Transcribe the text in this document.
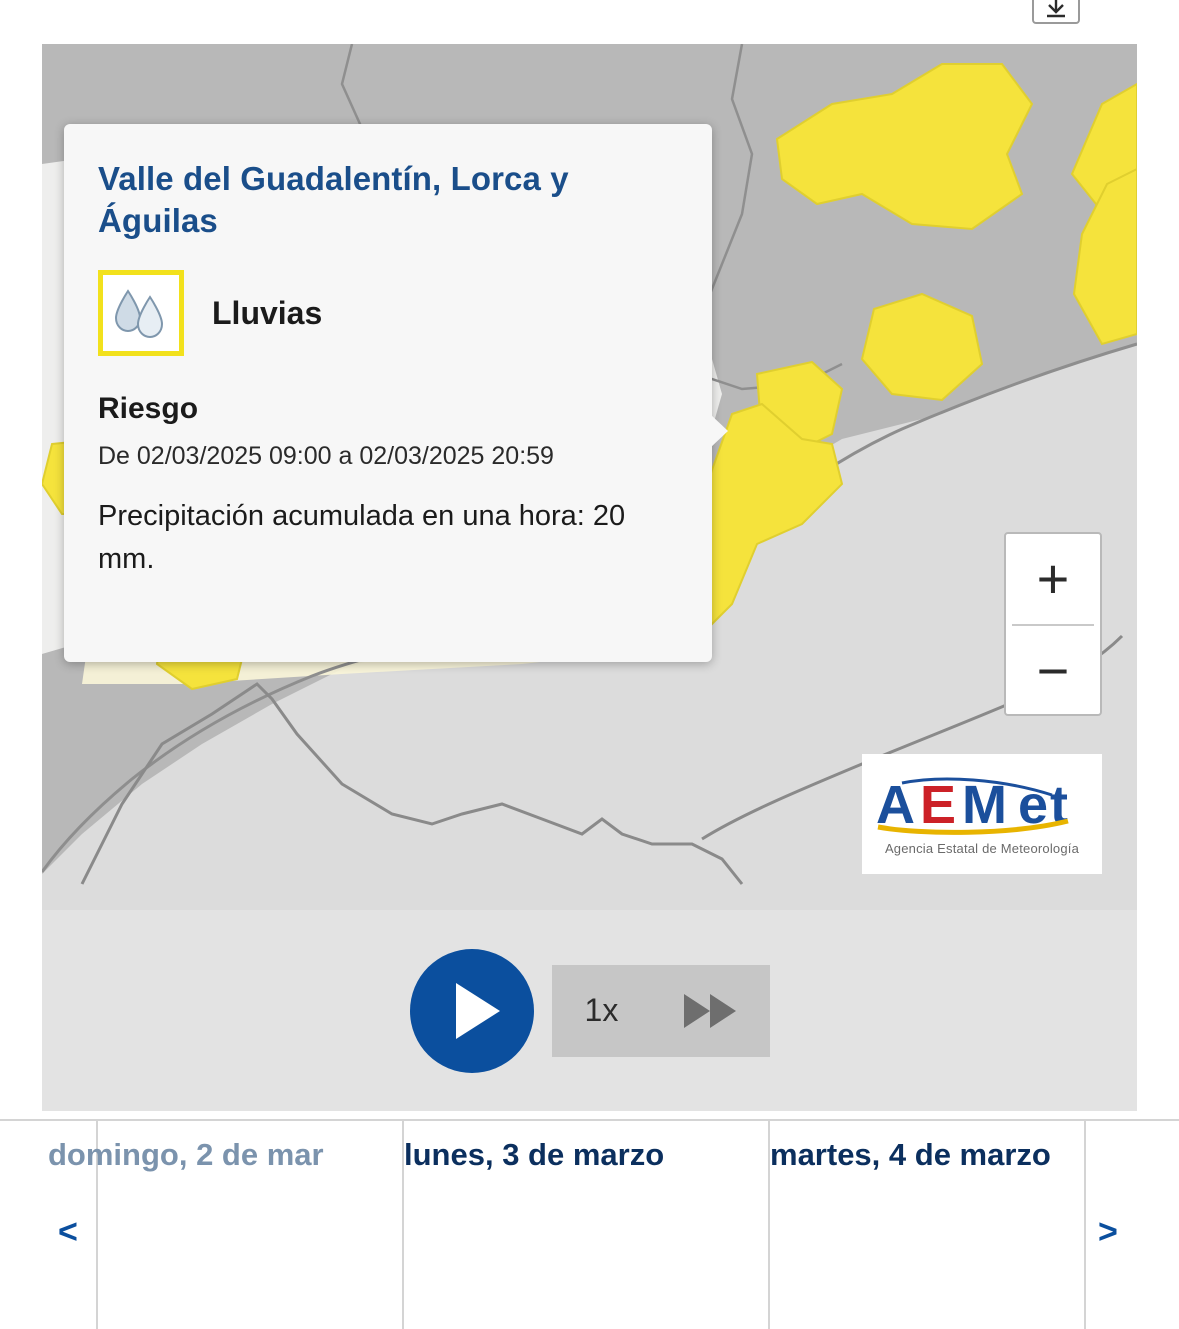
+
−
A E M e t
Agencia Estatal de Meteorología
Valle del Guadalentín, Lorca y Águilas
Lluvias
Riesgo
De 02/03/2025 09:00 a 02/03/2025 20:59
Precipitación acumulada en una hora: 20 mm.
1x
domingo, 2 de mar	lunes, 3 de marzo	martes, 4 de marzo
<	>
